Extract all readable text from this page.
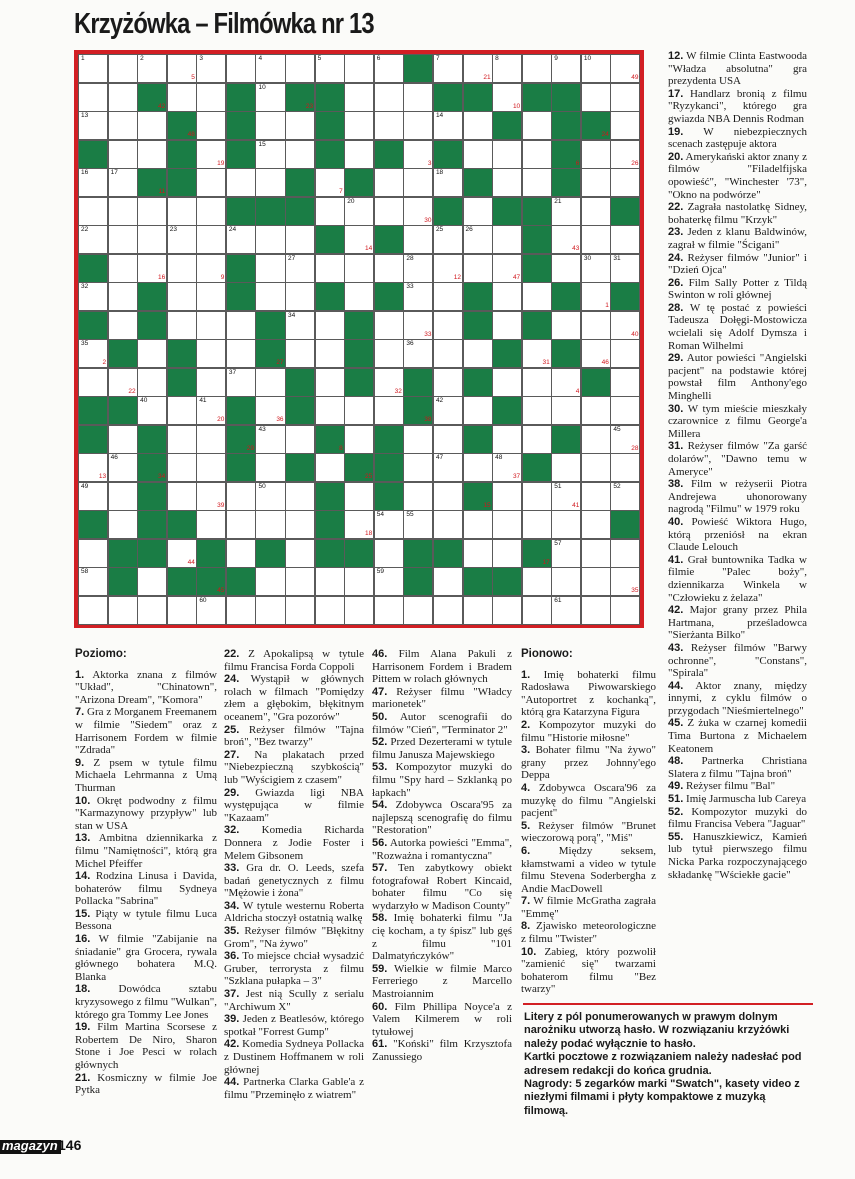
Krzyżówka – Filmówka nr 13
1	2
5
3	4	5	6	7
21
8	9	10
49
42
10
23	10
13
48
14
24
19
15
3	6	26
16	17
11	7
18
20
30
21
22	23	24
14
25	26
43
16	9
27	28
12	47
30	31
32	33
1
34
33	40
35
2	27
36
31	46
22
37
32	4
40	41
20	36	38
42
29
43
8
45
28
13
46
34	25
47	48
37
49
39
50
15
51
41
52
18
54	55
44	17
57
58
45
59
35
60	61

12. W filmie Clinta Eastwooda "Władza absolutna" gra prezydenta USA

17. Handlarz bronią z filmu "Ryzykanci", którego gra gwiazda NBA Dennis Rodman

19. W niebezpiecznych scenach zastępuje aktora

20. Amerykański aktor znany z filmów "Filadelfijska opowieść", "Winchester '73", "Okno na podwórze"

22. Zagrała nastolatkę Sidney, bohaterkę filmu "Krzyk"

23. Jeden z klanu Baldwinów, zagrał w filmie "Ściganі"

24. Reżyser filmów "Junior" i "Dzień Ojca"

26. Film Sally Potter z Tildą Swinton w roli głównej

28. W tę postać z powieści Tadeusza Dołęgi-Mostowicza wcielali się Adolf Dymsza i Roman Wilhelmi

29. Autor powieści "Angielski pacjent" na podstawie której powstał film Anthony'ego Minghelli

30. W tym mieście mieszkały czarownice z filmu George'a Millera

31. Reżyser filmów "Za garść dolarów", "Dawno temu w Ameryce"

38. Film w reżyserii Piotra Andrejewa uhonorowany nagrodą "Filmu" w 1979 roku

40. Powieść Wiktora Hugo, którą przeniósł na ekran Claude Lelouch

41. Grał buntownika Tadka w filmie "Palec boży", dziennikarza Winkela w "Człowieku z żelaza"

42. Major grany przez Phila Hartmana, prześladowca "Sierżanta Bilko"

43. Reżyser filmów "Barwy ochronne", "Constans", "Spirala"

44. Aktor znany, między innymi, z cyklu filmów o przygodach "Nieśmiertelnego"

45. Z żuka w czarnej komedii Tima Burtona z Michaelem Keatonem

48. Partnerka Christiana Slatera z filmu "Tajna broń"

49. Reżyser filmu "Bal"

51. Imię Jarmuscha lub Careya

52. Kompozytor muzyki do filmu Francisa Vebera "Jaguar"

55. Hanuszkiewicz, Kamień lub tytuł pierwszego filmu Nicka Parka rozpoczynającego składankę "Wściekłe gacie"

Poziomo:

1. Aktorka znana z filmów "Układ", "Chinatown", "Arizona Dream", "Komora"

7. Gra z Morganem Freemanem w filmie "Siedem" oraz z Harrisonem Fordem w filmie "Zdrada"

9. Z psem w tytule filmu Michaela Lehrmanna z Umą Thurman

10. Okręt podwodny z filmu "Karmazynowy przypływ" lub stan w USA

13. Ambitna dziennikarka z filmu "Namiętności", którą gra Michel Pfeiffer

14. Rodzina Linusa i Davida, bohaterów filmu Sydneya Pollacka "Sabrina"

15. Piąty w tytule filmu Luca Bessona

16. W filmie "Zabijanie na śniadanie" gra Grocera, rywala głównego bohatera M.Q. Blanka

18. Dowódca sztabu kryzysowego z filmu "Wulkan", którego gra Tommy Lee Jones

19. Film Martina Scorsese z Robertem De Niro, Sharon Stone i Joe Pesci w rolach głównych

21. Kosmiczny w filmie Joe Pytka

22. Z Apokalipsą w tytule filmu Francisa Forda Coppoli

24. Wystąpił w głównych rolach w filmach "Pomiędzy złem a głębokim, błękitnym oceanem", "Gra pozorów"

25. Reżyser filmów "Tajna broń", "Bez twarzy"

27. Na plakatach przed "Niebezpieczną szybkością" lub "Wyścigiem z czasem"

29. Gwiazda ligi NBA występująca w filmie "Kazaam"

32. Komedia Richarda Donnera z Jodie Foster i Melem Gibsonem

33. Gra dr. O. Leeds, szefa badań genetycznych z filmu "Mężowie i żona"

34. W tytule westernu Roberta Aldricha stoczył ostatnią walkę

35. Reżyser filmów "Błękitny Grom", "Na żywo"

36. To miejsce chciał wysadzić Gruber, terrorysta z filmu "Szklana pułapka – 3"

37. Jest nią Scully z serialu "Archiwum X"

39. Jeden z Beatlesów, którego spotkał "Forrest Gump"

42. Komedia Sydneya Pollacka z Dustinem Hoffmanem w roli głównej

44. Partnerka Clarka Gable'a z filmu "Przeminęło z wiatrem"

46. Film Alana Pakuli z Harrisonem Fordem i Bradem Pittem w rolach głównych

47. Reżyser filmu "Władcy marionetek"

50. Autor scenografii do filmów "Cień", "Terminator 2"

52. Przed Dezerterami w tytule filmu Janusza Majewskiego

53. Kompozytor muzyki do filmu "Spy hard – Szklanką po łapkach"

54. Zdobywca Oscara'95 za najlepszą scenografię do filmu "Restoration"

56. Autorka powieści "Emma", "Rozważna i romantyczna"

57. Ten zabytkowy obiekt fotografował Robert Kincaid, bohater filmu "Co się wydarzyło w Madison County"

58. Imię bohaterki filmu "Ja cię kocham, a ty śpisz" lub gęś z filmu "101 Dalmatyńczyków"

59. Wielkie w filmie Marco Ferreriego z Marcello Mastroiannim

60. Film Phillipa Noyce'a z Valem Kilmerem w roli tytułowej

61. "Koński" film Krzysztofa Zanussiego

Pionowo:

1. Imię bohaterki filmu Radosława Piwowarskiego "Autoportret z kochanką", którą gra Katarzyna Figura

2. Kompozytor muzyki do filmu "Historie miłosne"

3. Bohater filmu "Na żywo" grany przez Johnny'ego Deppa

4. Zdobywca Oscara'96 za muzykę do filmu "Angielski pacjent"

5. Reżyser filmów "Brunet wieczorową porą", "Miś"

6. Między seksem, kłamstwami a video w tytule filmu Stevena Soderbergha z Andie MacDowell

7. W filmie McGratha zagrała "Emmę"

8. Zjawisko meteorologiczne z filmu "Twister"

10. Zabieg, który pozwolił "zamienić się" twarzami bohaterom filmu "Bez twarzy"

Litery z pól ponumerowanych w prawym dolnym narożniku utworzą hasło. W rozwiązaniu krzyżówki należy podać wyłącznie to hasło.

Kartki pocztowe z rozwiązaniem należy nadesłać pod adresem redakcji do końca grudnia.

Nagrody: 5 zegarków marki "Swatch", kasety video z niezłymi filmami i płyty kompaktowe z muzyką filmową.

magazyn 146
